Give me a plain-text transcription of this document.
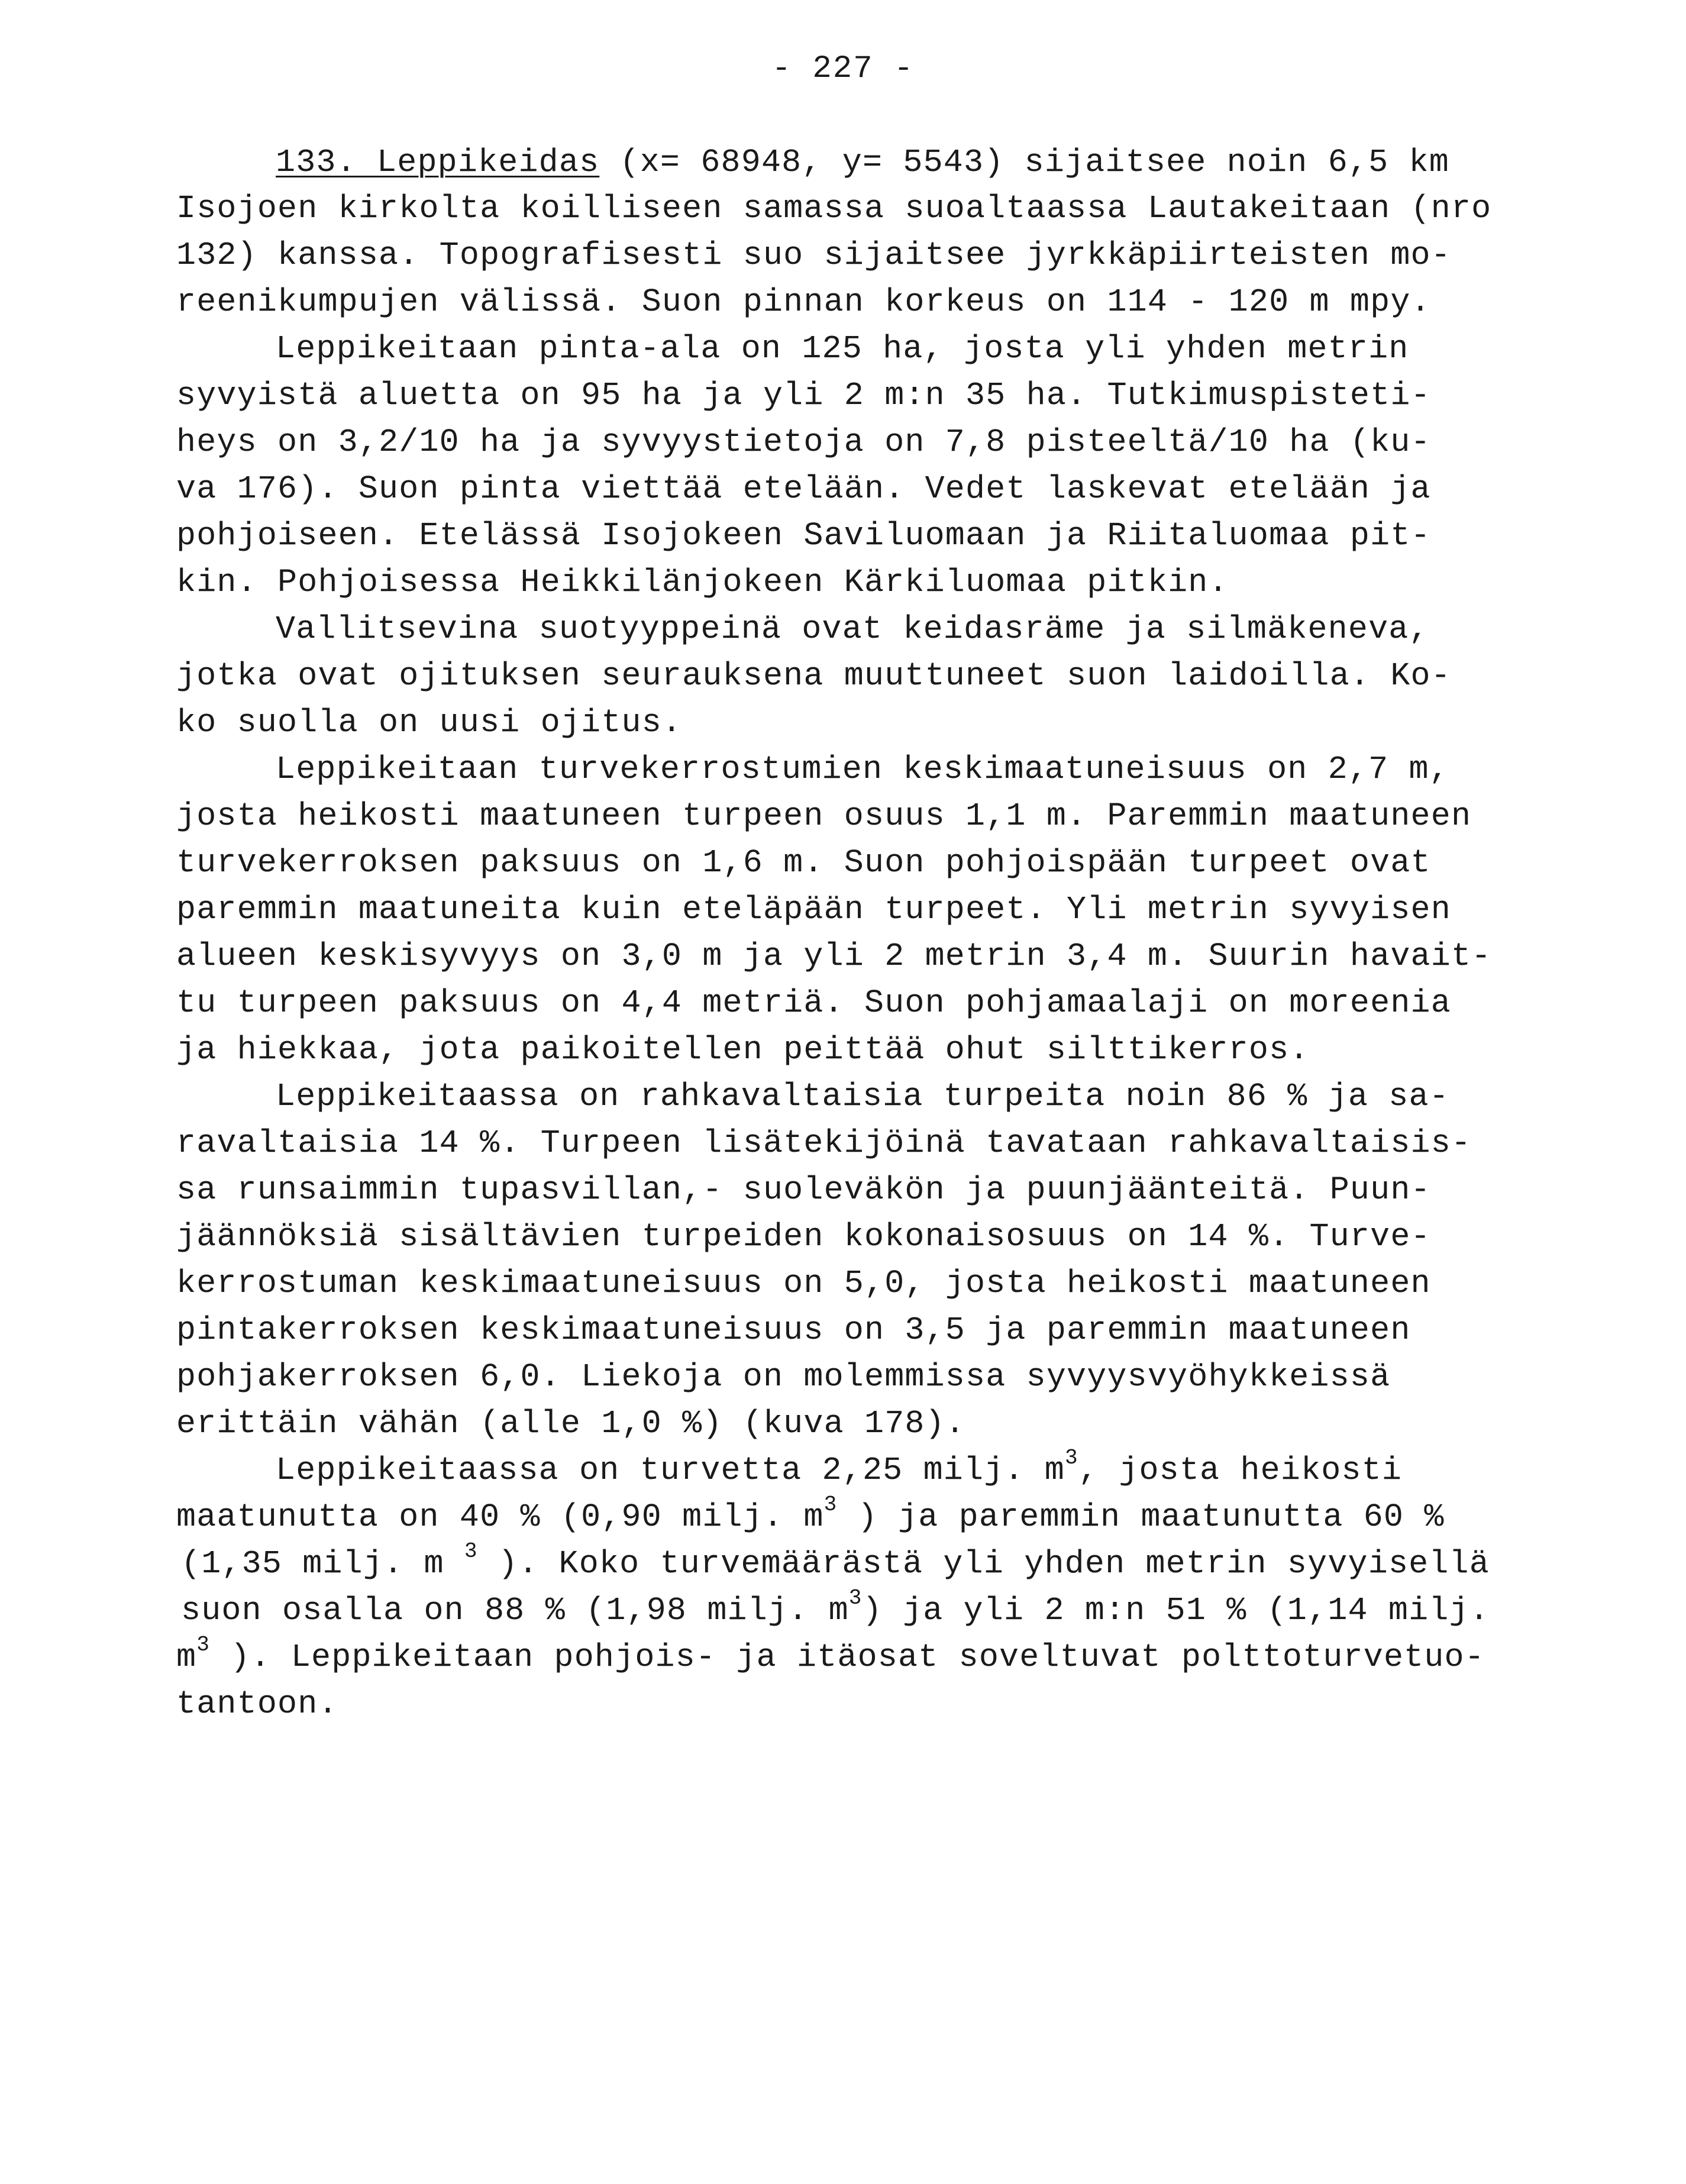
- 227 -
133. Leppikeidas (x= 68948, y= 5543) sijaitsee noin 6,5 km
Isojoen kirkolta koilliseen samassa suoaltaassa Lautakeitaan (nro
132) kanssa. Topografisesti suo sijaitsee jyrkkäpiirteisten mo-
reenikumpujen välissä. Suon pinnan korkeus on 114 - 120 m mpy.
Leppikeitaan pinta-ala on 125 ha, josta yli yhden metrin
syvyistä aluetta on 95 ha ja yli 2 m:n 35 ha. Tutkimuspisteti-
heys on 3,2/10 ha ja syvyystietoja on 7,8 pisteeltä/10 ha (ku-
va 176). Suon pinta viettää etelään. Vedet laskevat etelään ja
pohjoiseen. Etelässä Isojokeen Saviluomaan ja Riitaluomaa pit-
kin. Pohjoisessa Heikkilänjokeen Kärkiluomaa pitkin.
Vallitsevina suotyyppeinä ovat keidasräme ja silmäkeneva,
jotka ovat ojituksen seurauksena muuttuneet suon laidoilla. Ko-
ko suolla on uusi ojitus.
Leppikeitaan turvekerrostumien keskimaatuneisuus on 2,7 m,
josta heikosti maatuneen turpeen osuus 1,1 m. Paremmin maatuneen
turvekerroksen paksuus on 1,6 m. Suon pohjoispään turpeet ovat
paremmin maatuneita kuin eteläpään turpeet. Yli metrin syvyisen
alueen keskisyvyys on 3,0 m ja yli 2 metrin 3,4 m. Suurin havait-
tu turpeen paksuus on 4,4 metriä. Suon pohjamaalaji on moreenia
ja hiekkaa, jota paikoitellen peittää ohut silttikerros.
Leppikeitaassa on rahkavaltaisia turpeita noin 86 % ja sa-
ravaltaisia 14 %. Turpeen lisätekijöinä tavataan rahkavaltaisis-
sa runsaimmin tupasvillan,- suoleväkön ja puunjäänteitä. Puun-
jäännöksiä sisältävien turpeiden kokonaisosuus on 14 %. Turve-
kerrostuman keskimaatuneisuus on 5,0, josta heikosti maatuneen
pintakerroksen keskimaatuneisuus on 3,5 ja paremmin maatuneen
pohjakerroksen 6,0. Liekoja on molemmissa syvyysvyöhykkeissä
erittäin vähän (alle 1,0 %) (kuva 178).
Leppikeitaassa on turvetta 2,25 milj. $m^3$, josta heikosti
maatunutta on 40 % (0,90 milj. $m^3$ ) ja paremmin maatunutta 60 %
(1,35 milj. m $^3$ ). Koko turvemäärästä yli yhden metrin syvyisellä
suon osalla on 88 % (1,98 milj. $m^3$) ja yli 2 m:n 51 % (1,14 milj.
$m^3$ ). Leppikeitaan pohjois- ja itäosat soveltuvat polttoturvetuo-
tantoon.
